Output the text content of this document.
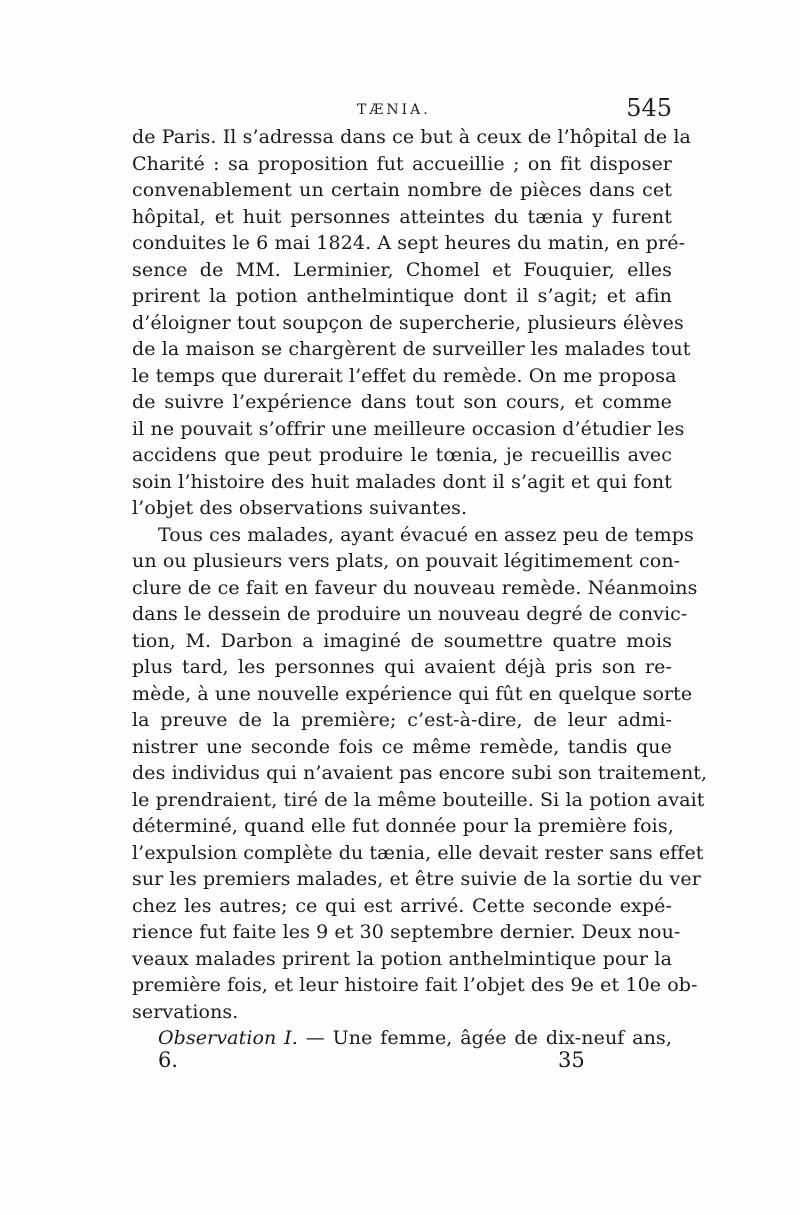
TÆNIA.	545
de Paris. Il s’adressa dans ce but à ceux de l’hôpital de la
Charité : sa proposition fut accueillie ; on fit disposer
convenablement un certain nombre de pièces dans cet
hôpital, et huit personnes atteintes du tænia y furent
conduites le 6 mai 1824. A sept heures du matin, en pré-
sence de MM. Lerminier, Chomel et Fouquier, elles
prirent la potion anthelmintique dont il s’agit; et afin
d’éloigner tout soupçon de supercherie, plusieurs élèves
de la maison se chargèrent de surveiller les malades tout
le temps que durerait l’effet du remède. On me proposa
de suivre l’expérience dans tout son cours, et comme
il ne pouvait s’offrir une meilleure occasion d’étudier les
accidens que peut produire le tœnia, je recueillis avec
soin l’histoire des huit malades dont il s’agit et qui font
l’objet des observations suivantes.
Tous ces malades, ayant évacué en assez peu de temps
un ou plusieurs vers plats, on pouvait légitimement con-
clure de ce fait en faveur du nouveau remède. Néanmoins
dans le dessein de produire un nouveau degré de convic-
tion, M. Darbon a imaginé de soumettre quatre mois
plus tard, les personnes qui avaient déjà pris son re-
mède, à une nouvelle expérience qui fût en quelque sorte
la preuve de la première; c’est-à-dire, de leur admi-
nistrer une seconde fois ce même remède, tandis que
des individus qui n’avaient pas encore subi son traitement,
le prendraient, tiré de la même bouteille. Si la potion avait
déterminé, quand elle fut donnée pour la première fois,
l’expulsion complète du tænia, elle devait rester sans effet
sur les premiers malades, et être suivie de la sortie du ver
chez les autres; ce qui est arrivé. Cette seconde expé-
rience fut faite les 9 et 30 septembre dernier. Deux nou-
veaux malades prirent la potion anthelmintique pour la
première fois, et leur histoire fait l’objet des 9e et 10e ob-
servations.
Observation I. — Une femme, âgée de dix-neuf ans,
6.	35
